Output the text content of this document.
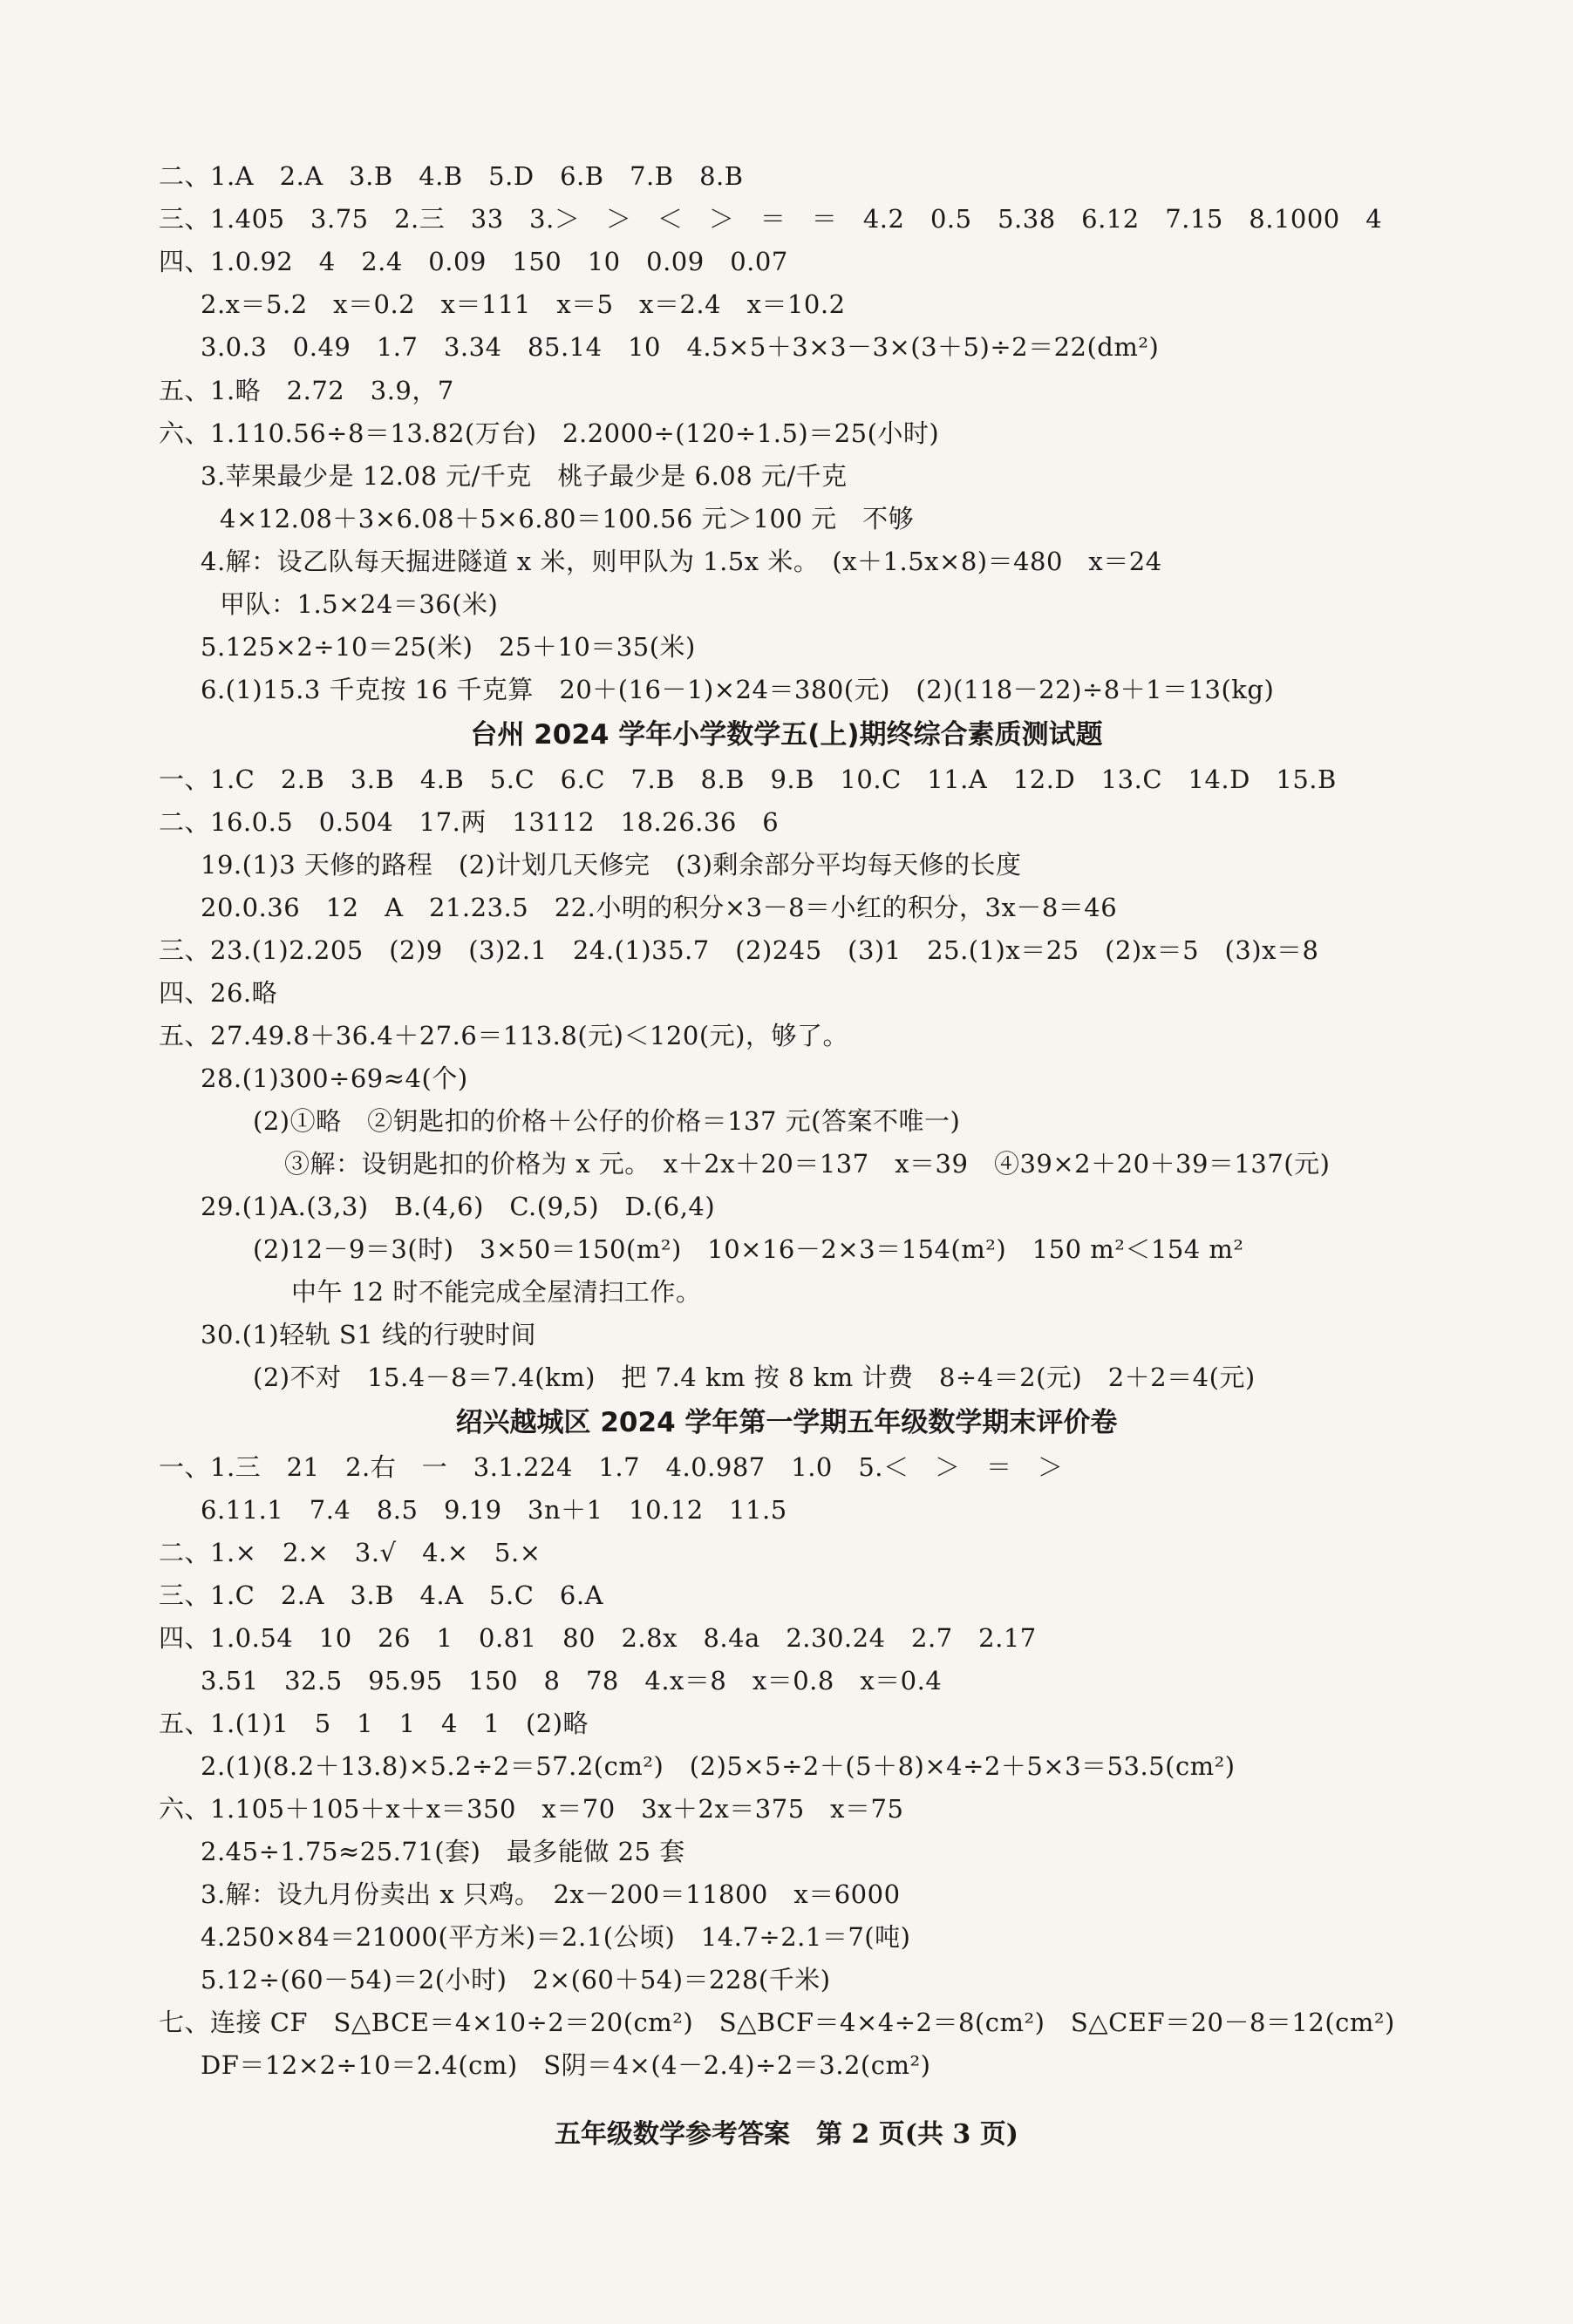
二、1.A　2.A　3.B　4.B　5.D　6.B　7.B　8.B
三、1.405　3.75　2.三　33　3.＞　＞　＜　＞　＝　＝　4.2　0.5　5.38　6.12　7.15　8.1000　4
四、1.0.92　4　2.4　0.09　150　10　0.09　0.07
2.x＝5.2　x＝0.2　x＝111　x＝5　x＝2.4　x＝10.2
3.0.3　0.49　1.7　3.34　85.14　10　4.5×5＋3×3－3×(3＋5)÷2＝22(dm²)
五、1.略　2.72　3.9，7
六、1.110.56÷8＝13.82(万台)　2.2000÷(120÷1.5)＝25(小时)
3.苹果最少是 12.08 元/千克　桃子最少是 6.08 元/千克
4×12.08＋3×6.08＋5×6.80＝100.56 元＞100 元　不够
4.解：设乙队每天掘进隧道 x 米，则甲队为 1.5x 米。　(x＋1.5x×8)＝480　x＝24
甲队：1.5×24＝36(米)
5.125×2÷10＝25(米)　25＋10＝35(米)
6.(1)15.3 千克按 16 千克算　20＋(16－1)×24＝380(元)　(2)(118－22)÷8＋1＝13(kg)
台州 2024 学年小学数学五(上)期终综合素质测试题
一、1.C　2.B　3.B　4.B　5.C　6.C　7.B　8.B　9.B　10.C　11.A　12.D　13.C　14.D　15.B
二、16.0.5　0.504　17.两　13112　18.26.36　6
19.(1)3 天修的路程　(2)计划几天修完　(3)剩余部分平均每天修的长度
20.0.36　12　A　21.23.5　22.小明的积分×3－8＝小红的积分，3x－8＝46
三、23.(1)2.205　(2)9　(3)2.1　24.(1)35.7　(2)245　(3)1　25.(1)x＝25　(2)x＝5　(3)x＝8
四、26.略
五、27.49.8＋36.4＋27.6＝113.8(元)＜120(元)，够了。
28.(1)300÷69≈4(个)
(2)①略　②钥匙扣的价格＋公仔的价格＝137 元(答案不唯一)
③解：设钥匙扣的价格为 x 元。　x＋2x＋20＝137　x＝39　④39×2＋20＋39＝137(元)
29.(1)A.(3,3)　B.(4,6)　C.(9,5)　D.(6,4)
(2)12－9＝3(时)　3×50＝150(m²)　10×16－2×3＝154(m²)　150 m²＜154 m²
中午 12 时不能完成全屋清扫工作。
30.(1)轻轨 S1 线的行驶时间
(2)不对　15.4－8＝7.4(km)　把 7.4 km 按 8 km 计费　8÷4＝2(元)　2＋2＝4(元)
绍兴越城区 2024 学年第一学期五年级数学期末评价卷
一、1.三　21　2.右　一　3.1.224　1.7　4.0.987　1.0　5.＜　＞　＝　＞
6.11.1　7.4　8.5　9.19　3n＋1　10.12　11.5
二、1.×　2.×　3.√　4.×　5.×
三、1.C　2.A　3.B　4.A　5.C　6.A
四、1.0.54　10　26　1　0.81　80　2.8x　8.4a　2.30.24　2.7　2.17
3.51　32.5　95.95　150　8　78　4.x＝8　x＝0.8　x＝0.4
五、1.(1)1　5　1　1　4　1　(2)略
2.(1)(8.2＋13.8)×5.2÷2＝57.2(cm²)　(2)5×5÷2＋(5＋8)×4÷2＋5×3＝53.5(cm²)
六、1.105＋105＋x＋x＝350　x＝70　3x＋2x＝375　x＝75
2.45÷1.75≈25.71(套)　最多能做 25 套
3.解：设九月份卖出 x 只鸡。　2x－200＝11800　x＝6000
4.250×84＝21000(平方米)＝2.1(公顷)　14.7÷2.1＝7(吨)
5.12÷(60－54)＝2(小时)　2×(60＋54)＝228(千米)
七、连接 CF　S△BCE＝4×10÷2＝20(cm²)　S△BCF＝4×4÷2＝8(cm²)　S△CEF＝20－8＝12(cm²)
DF＝12×2÷10＝2.4(cm)　S阴＝4×(4－2.4)÷2＝3.2(cm²)
五年级数学参考答案　第 2 页(共 3 页)
